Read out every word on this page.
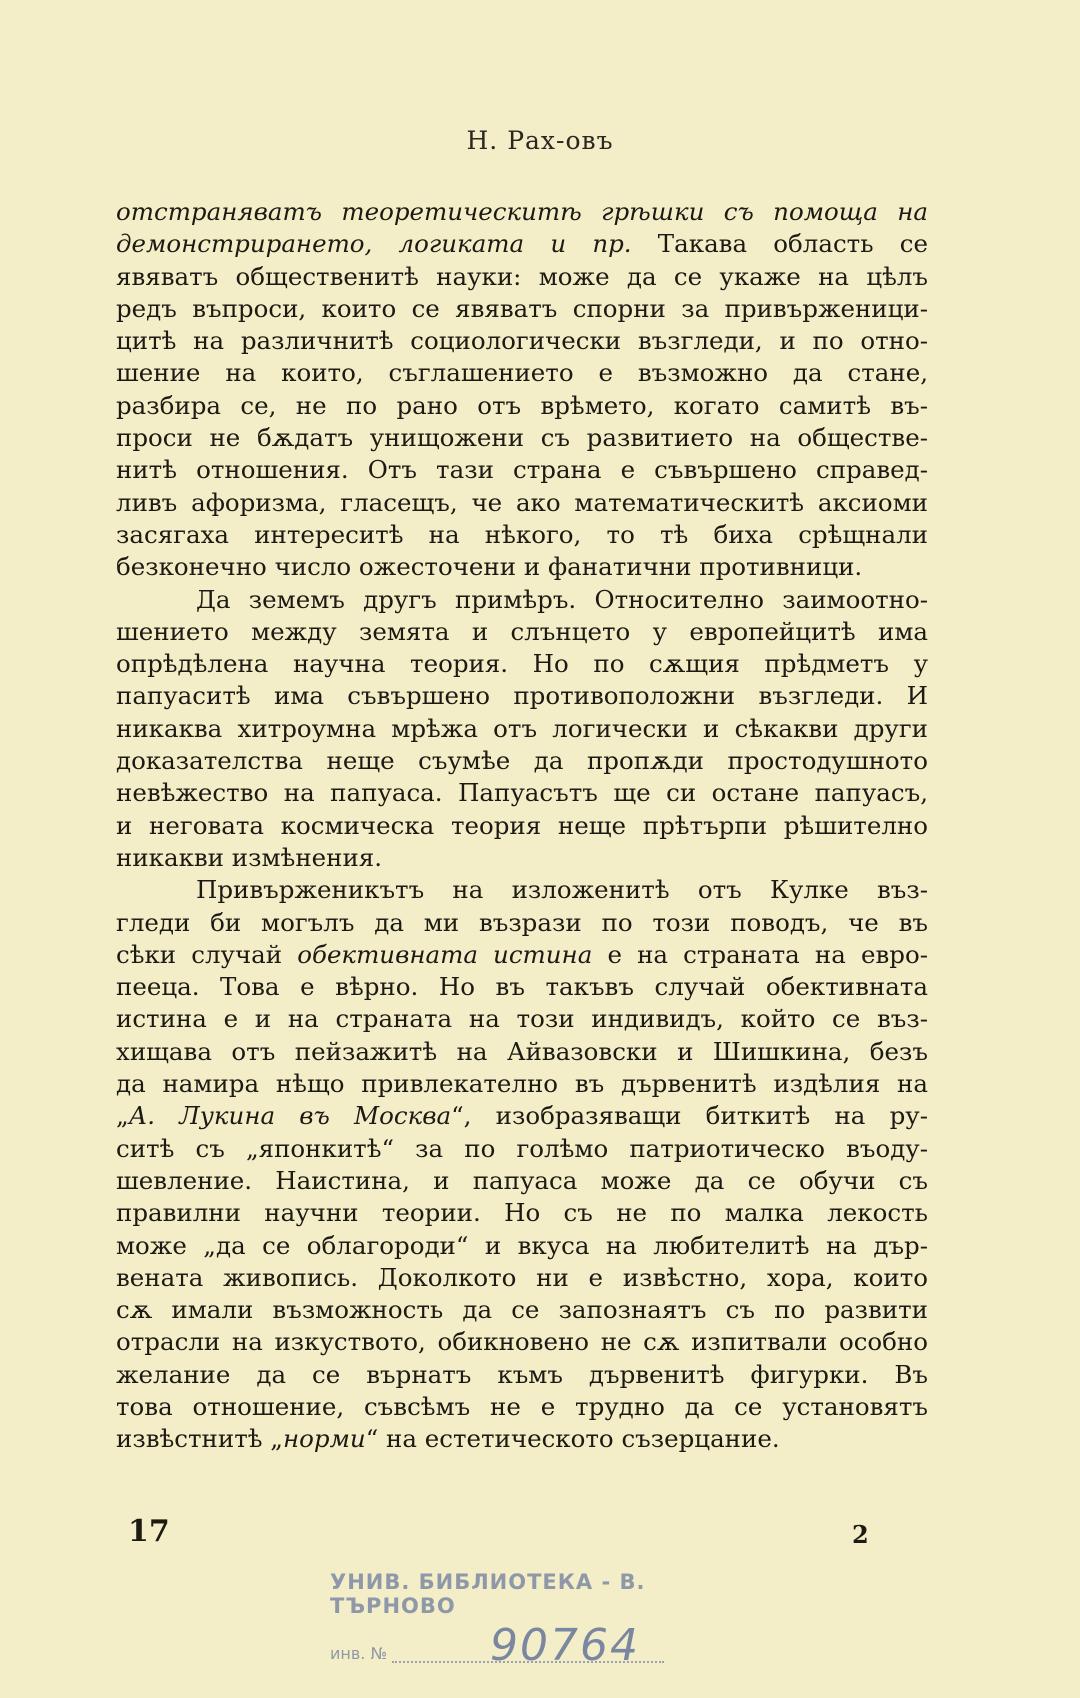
Н. Рах-овъ
отстраняватъ теоретическитѣ грѣшки съ помоща на
демонстрирането, логиката и пр. Такава область се
явяватъ общественитѣ науки: може да се укаже на цѣлъ
редъ въпроси, които се явяватъ спорни за привърженици-
цитѣ на различнитѣ социологически възгледи, и по отно-
шение на които, съглашението е възможно да стане,
разбира се, не по рано отъ врѣмето, когато самитѣ въ-
проси не бѫдатъ унищожени съ развитието на обществе-
нитѣ отношения. Отъ тази страна е съвършено справед-
ливъ афоризма, гласещъ, че ако математическитѣ аксиоми
засягаха интереситѣ на нѣкого, то тѣ биха срѣщнали
безконечно число ожесточени и фанатични противници.
Да земемъ другъ примѣръ. Относително заимоотно-
шението между земята и слънцето у европейцитѣ има
опрѣдѣлена научна теория. Но по сѫщия прѣдметъ у
папуаситѣ има съвършено противоположни възгледи. И
никаква хитроумна мрѣжа отъ логически и сѣкакви други
доказателства неще съумѣе да пропѫди простодушното
невѣжество на папуаса. Папуасътъ ще си остане папуасъ,
и неговата космическа теория неще прѣтърпи рѣшително
никакви измѣнения.
Привърженикътъ на изложенитѣ отъ Кулке въз-
гледи би могълъ да ми възрази по този поводъ, че въ
сѣки случай обективната истина е на страната на евро-
пееца. Това е вѣрно. Но въ такъвъ случай обективната
истина е и на страната на този индивидъ, който се въз-
хищава отъ пейзажитѣ на Айвазовски и Шишкина, безъ
да намира нѣщо привлекателно въ дървенитѣ издѣлия на
„А. Лукина въ Москва“, изобразяващи биткитѣ на ру-
ситѣ съ „японкитѣ“ за по голѣмо патриотическо въоду-
шевление. Наистина, и папуаса може да се обучи съ
правилни научни теории. Но съ не по малка лекость
може „да се облагороди“ и вкуса на любителитѣ на дър-
вената живопись. Доколкото ни е извѣстно, хора, които
сѫ имали възможность да се запознаятъ съ по развити
отрасли на изкуството, обикновено не сѫ изпитвали особно
желание да се върнатъ къмъ дървенитѣ фигурки. Въ
това отношение, съвсѣмъ не е трудно да се установятъ
извѣстнитѣ „норми“ на естетическото съзерцание.
17	2
УНИВ. БИБЛИОТЕКА - В. ТЪРНОВО
инв. № 90764
